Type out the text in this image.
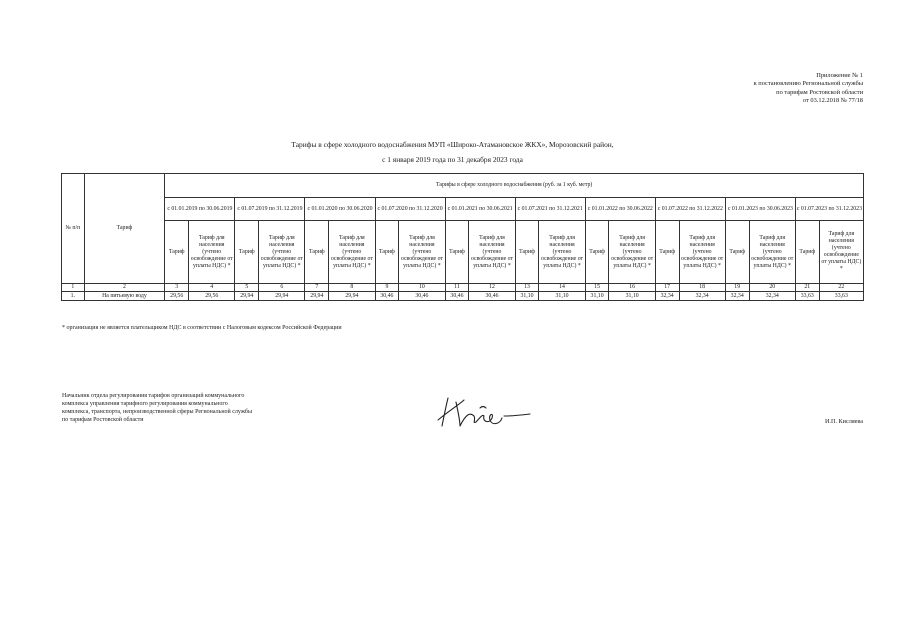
Приложение № 1
к постановлению Региональной службы
по тарифам Ростовской области
от 03.12.2018 № 77/18
Тарифы в сфере холодного водоснабжения МУП «Широко-Атамановское ЖКХ», Морозовский район,
с 1 января 2019 года по 31 декабря 2023 года
№ п/п	Тариф	Тарифы в сфере холодного водоснабжения (руб. за 1 куб. метр)																			
		с 01.01.2019 по 30.06.2019		с 01.07.2019 по 31.12.2019		с 01.01.2020 по 30.06.2020		с 01.07.2020 по 31.12.2020		с 01.01.2021 по 30.06.2021		с 01.07.2021 по 31.12.2021		с 01.01.2022 по 30.06.2022		с 01.07.2022 по 31.12.2022		с 01.01.2023 по 30.06.2023		с 01.07.2023 по 31.12.2023	
		Тариф	Тариф для населения (учтено освобождение от уплаты НДС) *	Тариф	Тариф для населения (учтено освобождение от уплаты НДС) *	Тариф	Тариф для населения (учтено освобождение от уплаты НДС) *	Тариф	Тариф для населения (учтено освобождение от уплаты НДС) *	Тариф	Тариф для населения (учтено освобождение от уплаты НДС) *	Тариф	Тариф для населения (учтено освобождение от уплаты НДС) *	Тариф	Тариф для населения (учтено освобождение от уплаты НДС) *	Тариф	Тариф для населения (учтено освобождение от уплаты НДС) *	Тариф	Тариф для населения (учтено освобождение от уплаты НДС) *	Тариф	Тариф для населения (учтено освобождение от уплаты НДС) *
1	2	3	4	5	6	7	8	9	10	11	12	13	14	15	16	17	18	19	20	21	22
1.	На питьевую воду	29,56	29,56	29,94	29,94	29,94	29,94	30,46	30,46	30,46	30,46	31,10	31,10	31,10	31,10	32,34	32,34	32,34	32,34	33,63	33,63
* организация не является плательщиком НДС в соответствии с Налоговым кодексом Российской Федерации
Начальник отдела регулирования тарифов организаций коммунального
комплекса управления тарифного регулирования коммунального
комплекса, транспорта, непроизводственной сферы Региональной службы
по тарифам Ростовской области	И.П. Кисляева
